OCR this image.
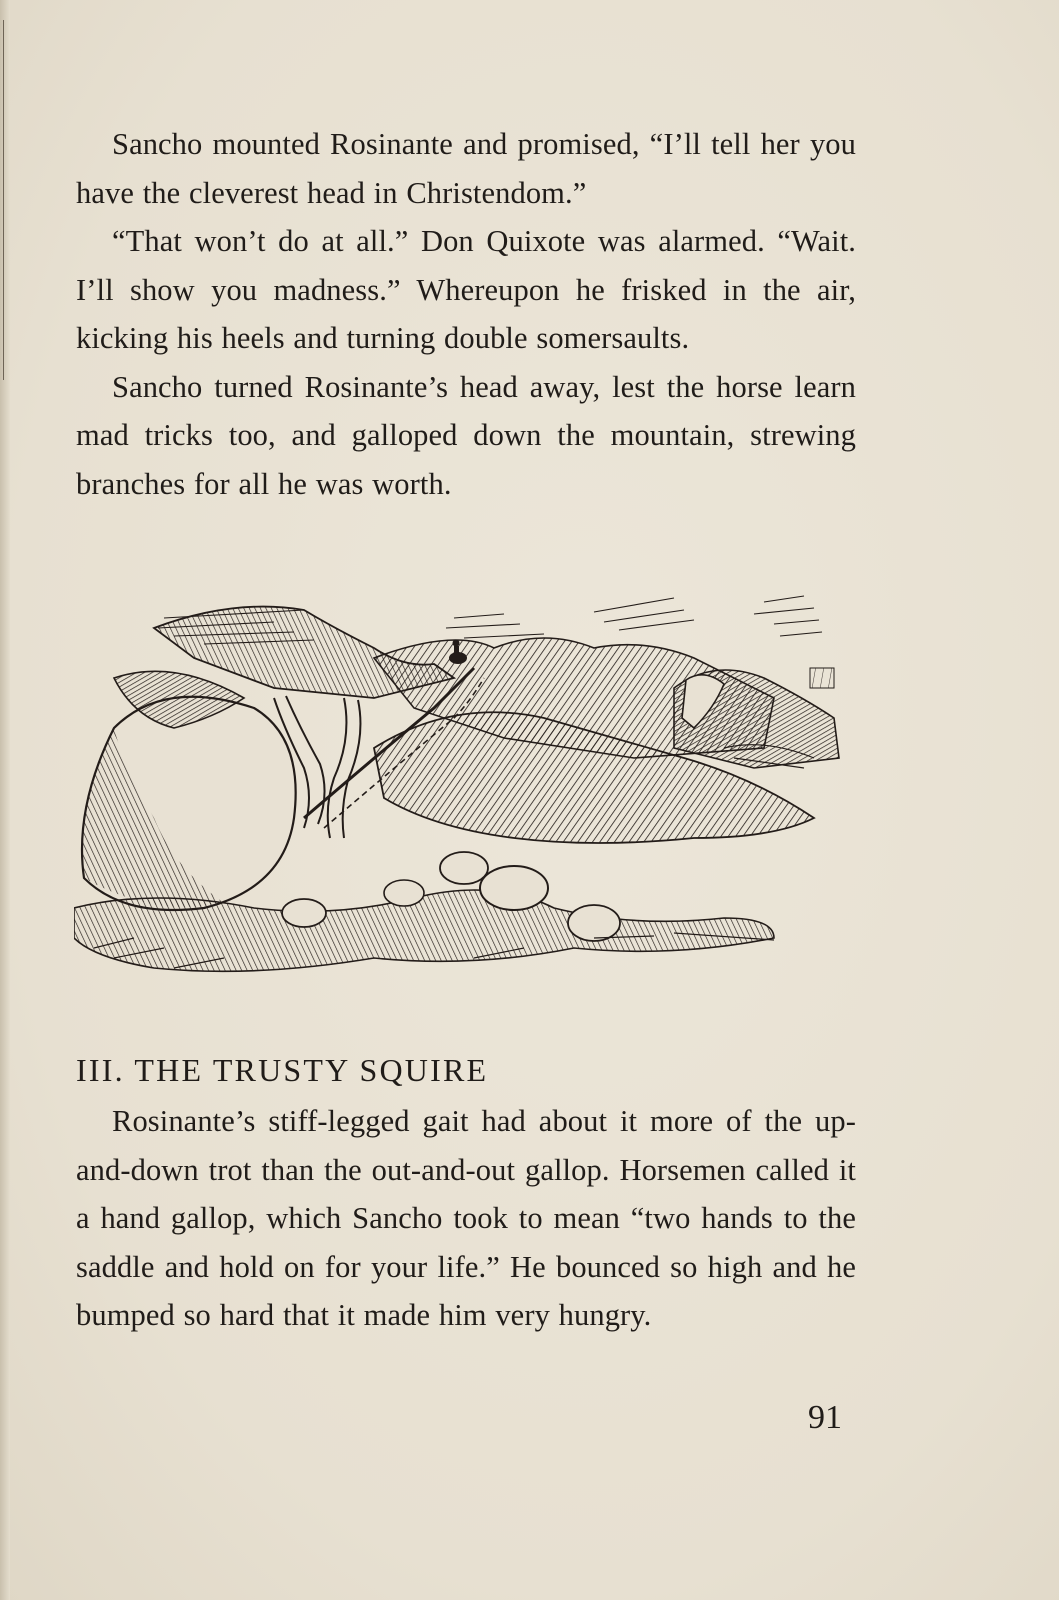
Sancho mounted Rosinante and promised, “I’ll tell her you have the cleverest head in Christendom.”

“That won’t do at all.” Don Quixote was alarmed. “Wait. I’ll show you madness.” Whereupon he frisked in the air, kicking his heels and turning double somersaults.

Sancho turned Rosinante’s head away, lest the horse learn mad tricks too, and galloped down the mountain, strewing branches for all he was worth.

III. THE TRUSTY SQUIRE

Rosinante’s stiff-legged gait had about it more of the up-and-down trot than the out-and-out gallop. Horsemen called it a hand gallop, which Sancho took to mean “two hands to the saddle and hold on for your life.” He bounced so high and he bumped so hard that it made him very hungry.

91
